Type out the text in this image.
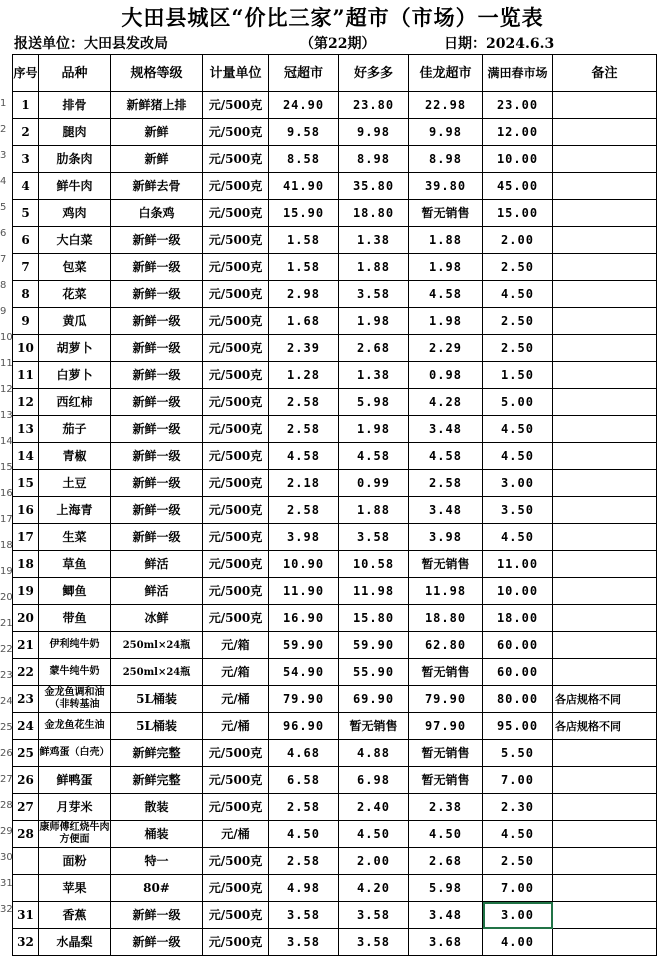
大田县城区“价比三家”超市（市场）一览表
报送单位：大田县发改局	（第22期）	日期：2024.6.3
1
2
3
4
5
6
7
8
9
10
11
12
13
14
15
16
17
18
19
20
21
22
23
24
25
26
27
28
29
30
31
32
序号	品种	规格等级	计量单位	冠超市	好多多	佳龙超市	满田春市场	备注
1	排骨	新鲜猪上排	元/500克	24.90	23.80	22.98	23.00	
2	腿肉	新鲜	元/500克	9.58	9.98	9.98	12.00	
3	肋条肉	新鲜	元/500克	8.58	8.98	8.98	10.00	
4	鲜牛肉	新鲜去骨	元/500克	41.90	35.80	39.80	45.00	
5	鸡肉	白条鸡	元/500克	15.90	18.80	暂无销售	15.00	
6	大白菜	新鲜一级	元/500克	1.58	1.38	1.88	2.00	
7	包菜	新鲜一级	元/500克	1.58	1.88	1.98	2.50	
8	花菜	新鲜一级	元/500克	2.98	3.58	4.58	4.50	
9	黄瓜	新鲜一级	元/500克	1.68	1.98	1.98	2.50	
10	胡萝卜	新鲜一级	元/500克	2.39	2.68	2.29	2.50	
11	白萝卜	新鲜一级	元/500克	1.28	1.38	0.98	1.50	
12	西红柿	新鲜一级	元/500克	2.58	5.98	4.28	5.00	
13	茄子	新鲜一级	元/500克	2.58	1.98	3.48	4.50	
14	青椒	新鲜一级	元/500克	4.58	4.58	4.58	4.50	
15	土豆	新鲜一级	元/500克	2.18	0.99	2.58	3.00	
16	上海青	新鲜一级	元/500克	2.58	1.88	3.48	3.50	
17	生菜	新鲜一级	元/500克	3.98	3.58	3.98	4.50	
18	草鱼	鲜活	元/500克	10.90	10.58	暂无销售	11.00	
19	鲫鱼	鲜活	元/500克	11.90	11.98	11.98	10.00	
20	带鱼	冰鲜	元/500克	16.90	15.80	18.80	18.00	
21	伊利纯牛奶	250ml×24瓶	元/箱	59.90	59.90	62.80	60.00	
22	蒙牛纯牛奶	250ml×24瓶	元/箱	54.90	55.90	暂无销售	60.00	
23	金龙鱼调和油（非转基油	5L桶装	元/桶	79.90	69.90	79.90	80.00	各店规格不同
24	金龙鱼花生油	5L桶装	元/桶	96.90	暂无销售	97.90	95.00	各店规格不同
25	鲜鸡蛋（白壳）	新鲜完整	元/500克	4.68	4.88	暂无销售	5.50	
26	鲜鸭蛋	新鲜完整	元/500克	6.58	6.98	暂无销售	7.00	
27	月芽米	散装	元/500克	2.58	2.40	2.38	2.30	
28	康师傅红烧牛肉方便面	桶装	元/桶	4.50	4.50	4.50	4.50	
	面粉	特一	元/500克	2.58	2.00	2.68	2.50	
	苹果	80#	元/500克	4.98	4.20	5.98	7.00	
31	香蕉	新鲜一级	元/500克	3.58	3.58	3.48	3.00	
32	水晶梨	新鲜一级	元/500克	3.58	3.58	3.68	4.00	
